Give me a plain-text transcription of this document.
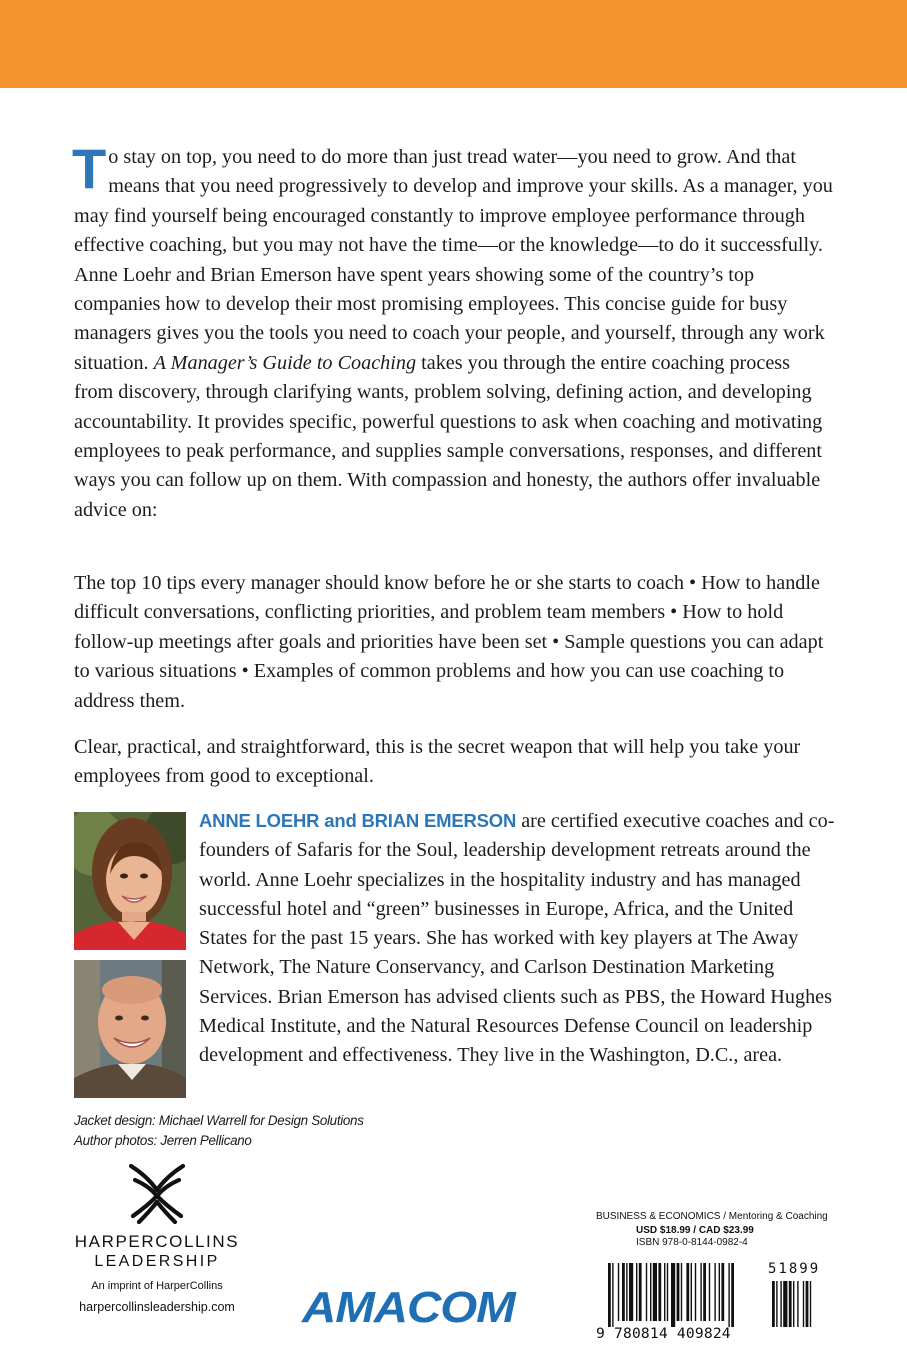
To stay on top, you need to do more than just tread water—you need to grow. And that means that you need progressively to develop and improve your skills. As a manager, you may find yourself being encouraged constantly to improve employee performance through effective coaching, but you may not have the time—or the knowledge—to do it successfully. Anne Loehr and Brian Emerson have spent years showing some of the country’s top companies how to develop their most promising employees. This concise guide for busy managers gives you the tools you need to coach your people, and yourself, through any work situation. A Manager’s Guide to Coaching takes you through the entire coaching process from discovery, through clarifying wants, problem solving, defining action, and developing accountability. It provides specific, powerful questions to ask when coaching and motivating employees to peak performance, and supplies sample conversations, responses, and different ways you can follow up on them. With compassion and honesty, the authors offer invaluable advice on:

The top 10 tips every manager should know before he or she starts to coach • How to handle difficult conversations, conflicting priorities, and problem team members • How to hold follow-up meetings after goals and priorities have been set • Sample questions you can adapt to various situations • Examples of common problems and how you can use coaching to address them.

Clear, practical, and straightforward, this is the secret weapon that will help you take your employees from good to exceptional.

ANNE LOEHR and BRIAN EMERSON are certified executive coaches and co-founders of Safaris for the Soul, leadership development retreats around the world. Anne Loehr specializes in the hospitality industry and has managed successful hotel and “green” businesses in Europe, Africa, and the United States for the past 15 years. She has worked with key players at The Away Network, The Nature Conservancy, and Carlson Destination Marketing Services. Brian Emerson has advised clients such as PBS, the Howard Hughes Medical Institute, and the Natural Resources Defense Council on leadership development and effectiveness. They live in the Washington, D.C., area.

Jacket design: Michael Warrell for Design Solutions
Author photos: Jerren Pellicano
HARPERCOLLINS
LEADERSHIP
An imprint of HarperCollins
harpercollinsleadership.com	AMACOM
BUSINESS & ECONOMICS / Mentoring & Coaching
USD $18.99 / CAD $23.99
ISBN 978-0-8144-0982-4
51899
9 780814 409824
